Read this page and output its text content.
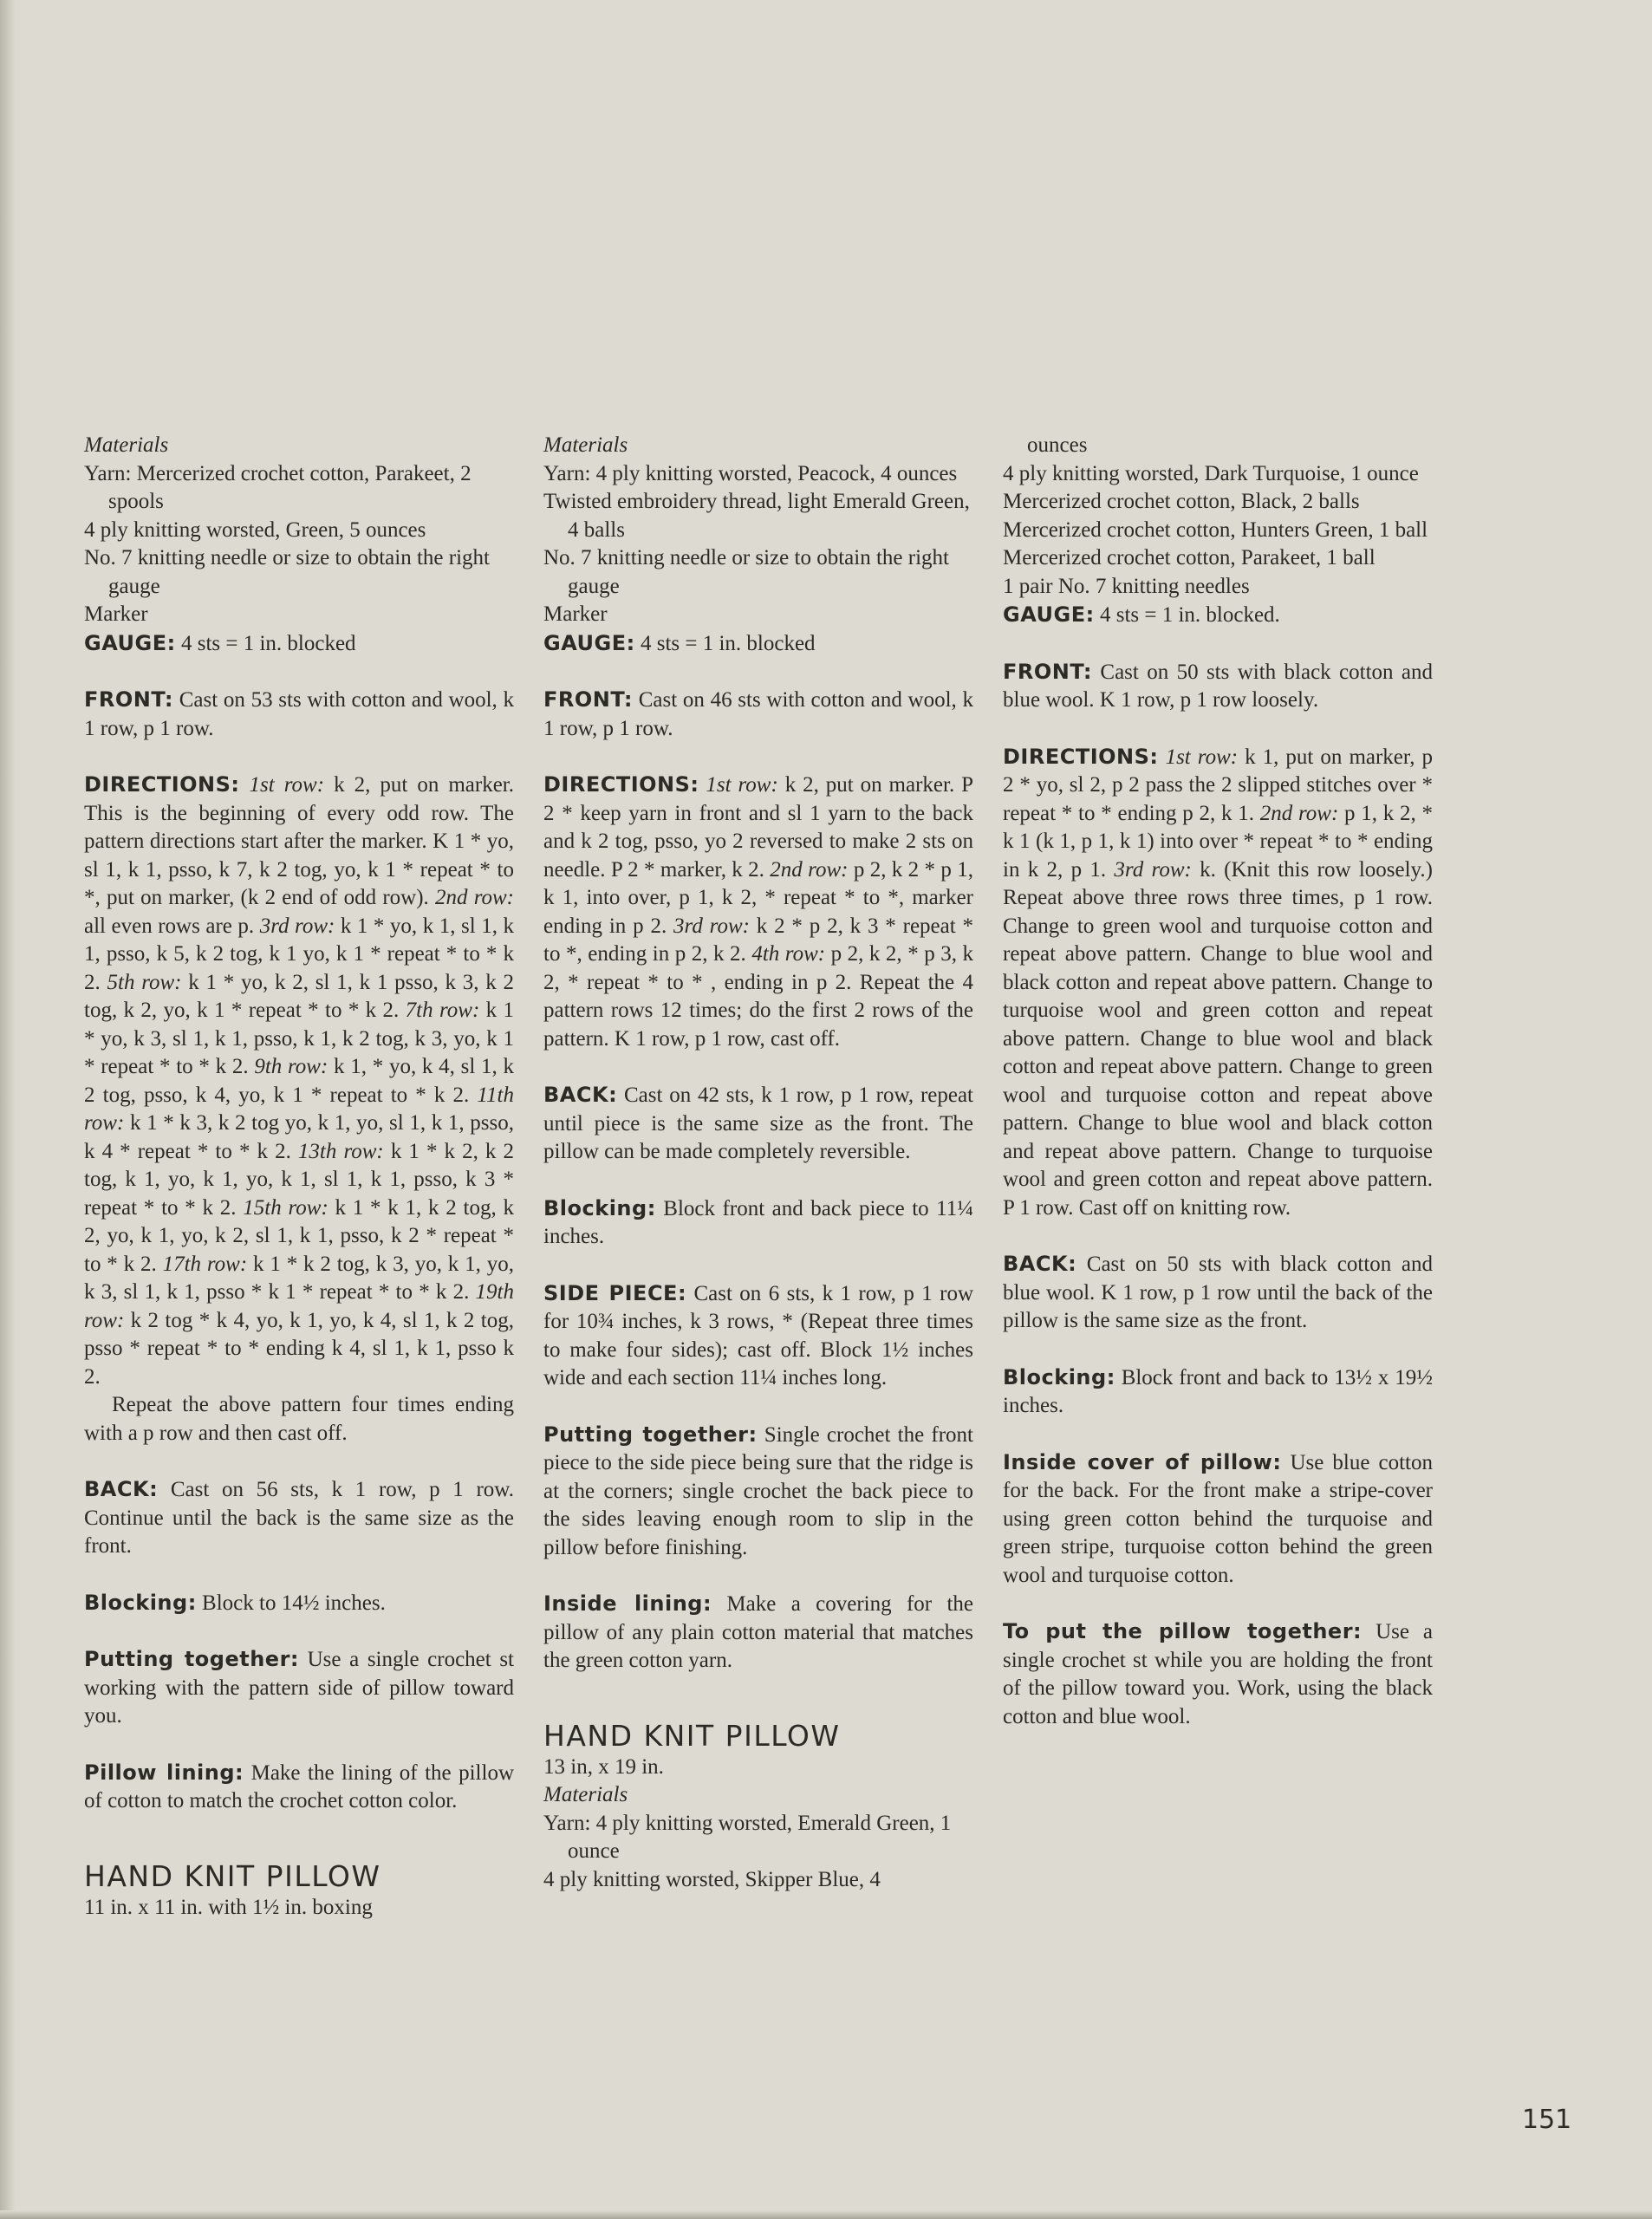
Materials
Yarn: Mercerized crochet cotton, Parakeet, 2 spools
4 ply knitting worsted, Green, 5 ounces
No. 7 knitting needle or size to obtain the right gauge
Marker
GAUGE: 4 sts = 1 in. blocked
FRONT: Cast on 53 sts with cotton and wool, k 1 row, p 1 row.
DIRECTIONS: 1st row: k 2, put on marker. This is the beginning of every odd row. The pattern directions start after the marker. K 1 * yo, sl 1, k 1, psso, k 7, k 2 tog, yo, k 1 * repeat * to *, put on marker, (k 2 end of odd row). 2nd row: all even rows are p. 3rd row: k 1 * yo, k 1, sl 1, k 1, psso, k 5, k 2 tog, k 1 yo, k 1 * repeat * to * k 2. 5th row: k 1 * yo, k 2, sl 1, k 1 psso, k 3, k 2 tog, k 2, yo, k 1 * repeat * to * k 2. 7th row: k 1 * yo, k 3, sl 1, k 1, psso, k 1, k 2 tog, k 3, yo, k 1 * repeat * to * k 2. 9th row: k 1, * yo, k 4, sl 1, k 2 tog, psso, k 4, yo, k 1 * repeat to * k 2. 11th row: k 1 * k 3, k 2 tog yo, k 1, yo, sl 1, k 1, psso, k 4 * repeat * to * k 2. 13th row: k 1 * k 2, k 2 tog, k 1, yo, k 1, yo, k 1, sl 1, k 1, psso, k 3 * repeat * to * k 2. 15th row: k 1 * k 1, k 2 tog, k 2, yo, k 1, yo, k 2, sl 1, k 1, psso, k 2 * repeat * to * k 2. 17th row: k 1 * k 2 tog, k 3, yo, k 1, yo, k 3, sl 1, k 1, psso * k 1 * repeat * to * k 2. 19th row: k 2 tog * k 4, yo, k 1, yo, k 4, sl 1, k 2 tog, psso * repeat * to * ending k 4, sl 1, k 1, psso k 2.
Repeat the above pattern four times ending with a p row and then cast off.
BACK: Cast on 56 sts, k 1 row, p 1 row. Continue until the back is the same size as the front.
Blocking: Block to 14½ inches.
Putting together: Use a single crochet st working with the pattern side of pillow toward you.
Pillow lining: Make the lining of the pillow of cotton to match the crochet cotton color.
HAND KNIT PILLOW
11 in. x 11 in. with 1½ in. boxing
Materials
Yarn: 4 ply knitting worsted, Peacock, 4 ounces
Twisted embroidery thread, light Emerald Green, 4 balls
No. 7 knitting needle or size to obtain the right gauge
Marker
GAUGE: 4 sts = 1 in. blocked
FRONT: Cast on 46 sts with cotton and wool, k 1 row, p 1 row.
DIRECTIONS: 1st row: k 2, put on marker. P 2 * keep yarn in front and sl 1 yarn to the back and k 2 tog, psso, yo 2 reversed to make 2 sts on needle. P 2 * marker, k 2. 2nd row: p 2, k 2 * p 1, k 1, into over, p 1, k 2, * repeat * to *, marker ending in p 2. 3rd row: k 2 * p 2, k 3 * repeat * to *, ending in p 2, k 2. 4th row: p 2, k 2, * p 3, k 2, * repeat * to * , ending in p 2. Repeat the 4 pattern rows 12 times; do the first 2 rows of the pattern. K 1 row, p 1 row, cast off.
BACK: Cast on 42 sts, k 1 row, p 1 row, repeat until piece is the same size as the front. The pillow can be made completely reversible.
Blocking: Block front and back piece to 11¼ inches.
SIDE PIECE: Cast on 6 sts, k 1 row, p 1 row for 10¾ inches, k 3 rows, * (Repeat three times to make four sides); cast off. Block 1½ inches wide and each section 11¼ inches long.
Putting together: Single crochet the front piece to the side piece being sure that the ridge is at the corners; single crochet the back piece to the sides leaving enough room to slip in the pillow before finishing.
Inside lining: Make a covering for the pillow of any plain cotton material that matches the green cotton yarn.
HAND KNIT PILLOW
13 in, x 19 in.
Materials
Yarn: 4 ply knitting worsted, Emerald Green, 1 ounce
4 ply knitting worsted, Skipper Blue, 4
ounces
4 ply knitting worsted, Dark Turquoise, 1 ounce
Mercerized crochet cotton, Black, 2 balls
Mercerized crochet cotton, Hunters Green, 1 ball
Mercerized crochet cotton, Parakeet, 1 ball
1 pair No. 7 knitting needles
GAUGE: 4 sts = 1 in. blocked.
FRONT: Cast on 50 sts with black cotton and blue wool. K 1 row, p 1 row loosely.
DIRECTIONS: 1st row: k 1, put on marker, p 2 * yo, sl 2, p 2 pass the 2 slipped stitches over * repeat * to * ending p 2, k 1. 2nd row: p 1, k 2, * k 1 (k 1, p 1, k 1) into over * repeat * to * ending in k 2, p 1. 3rd row: k. (Knit this row loosely.) Repeat above three rows three times, p 1 row. Change to green wool and turquoise cotton and repeat above pattern. Change to blue wool and black cotton and repeat above pattern. Change to turquoise wool and green cotton and repeat above pattern. Change to blue wool and black cotton and repeat above pattern. Change to green wool and turquoise cotton and repeat above pattern. Change to blue wool and black cotton and repeat above pattern. Change to turquoise wool and green cotton and repeat above pattern. P 1 row. Cast off on knitting row.
BACK: Cast on 50 sts with black cotton and blue wool. K 1 row, p 1 row until the back of the pillow is the same size as the front.
Blocking: Block front and back to 13½ x 19½ inches.
Inside cover of pillow: Use blue cotton for the back. For the front make a stripe-cover using green cotton behind the turquoise and green stripe, turquoise cotton behind the green wool and turquoise cotton.
To put the pillow together: Use a single crochet st while you are holding the front of the pillow toward you. Work, using the black cotton and blue wool.
151
